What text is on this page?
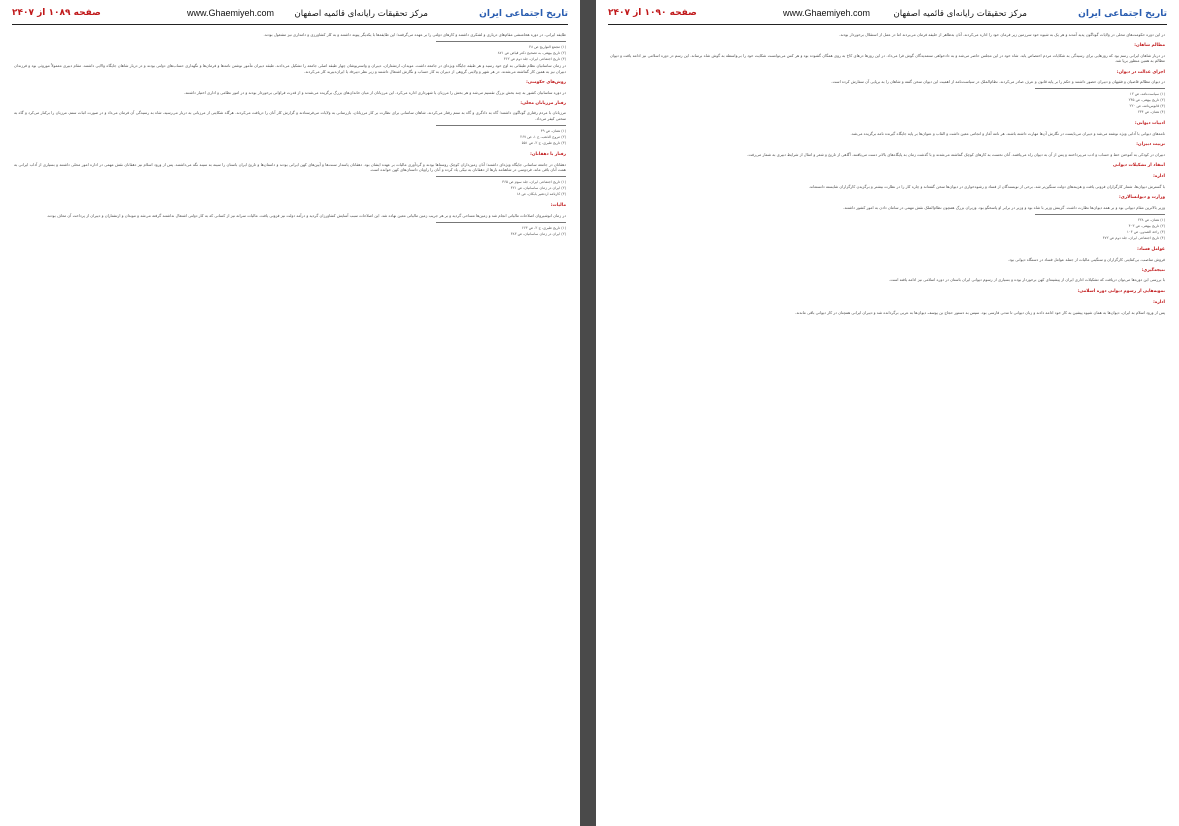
تاریخ اجتماعی ایران
مرکز تحقیقات رایانه‌ای قائمیه اصفهان
www.Ghaemiyeh.com
صفحه ۱۰۸۹ از ۲۴۰۷

طایفه ایرانی، در دوره هخامنشی مقام‌های درباری و لشکری داشتند و کارهای دولتی را بر عهده می‌گرفتند؛ این طایفه‌ها با یکدیگر پیوند داشتند و به کار کشاورزی و دامداری نیز مشغول بودند.

(۱) مجمع التواریخ ص ۴۸

(۲) تاریخ بیهقی، به تصحیح دکتر فیاض ص ۸۷۱

(۳) تاریخ اجتماعی ایران، جلد دوم ص ۳۶۲

در زمان ساسانیان نظام طبقاتی به اوج خود رسید و هر طبقه جایگاه ویژه‌ای در جامعه داشت. موبدان، ارتشتاران، دبیران و واستریوشان چهار طبقه اصلی جامعه را تشکیل می‌دادند. طبقه دبیران مأمور نوشتن نامه‌ها و فرمان‌ها و نگهداری حساب‌های دولتی بودند و در دربار شاهان جایگاه والایی داشتند. مقام دبیری معمولاً موروثی بود و فرزندان دبیران نیز به همین کار گماشته می‌شدند. در هر شهر و ولایتی گروهی از دبیران به کار حساب و نگارش اشتغال داشتند و زیر نظر دبیرbد یا ایران‌دبیربد کار می‌کردند.

روش‌های حکومتی:

در دوره ساسانیان کشور به چند بخش بزرگ تقسیم می‌شد و هر بخش را مرزبان یا شهرداری اداره می‌کرد. این مرزبانان از میان خاندان‌های بزرگ برگزیده می‌شدند و از قدرت فراوانی برخوردار بودند و در امور نظامی و اداری اختیار داشتند.

رفتار مرزبانان محلی:

مرزبانان با مردم رفتاری گوناگون داشتند؛ گاه به دادگری و گاه به ستم رفتار می‌کردند. شاهان ساسانی برای نظارت بر کار مرزبانان، بازرسانی به ولایات می‌فرستادند و گزارش کار آنان را دریافت می‌کردند. هرگاه شکایتی از مرزبانی به دربار می‌رسید، شاه به رسیدگی آن فرمان می‌داد و در صورت اثبات ستم، مرزبان را برکنار می‌کرد و گاه به سختی کیفر می‌داد.

(۱) همان، ص ۴۹

(۲) مروج الذهب، ج ۱، ص ۲۶۷

(۳) تاریخ طبری، ج ۲، ص ۵۵۱

رفتار با دهقانان:

دهقانان در جامعه ساسانی جایگاه ویژه‌ای داشتند؛ آنان زمین‌داران کوچک روستاها بودند و گردآوری مالیات بر عهده ایشان بود. دهقانان پاسدار سنت‌ها و آیین‌های کهن ایرانی بودند و داستان‌ها و تاریخ ایران باستان را سینه به سینه نگه می‌داشتند. پس از ورود اسلام نیز دهقانان نقش مهمی در اداره امور محلی داشتند و بسیاری از آداب ایرانی به همت آنان باقی ماند. فردوسی در شاهنامه بارها از دهقانان به نیکی یاد کرده و آنان را راویان داستان‌های کهن خوانده است.

(۱) تاریخ اجتماعی ایران، جلد سوم ص ۳۶۵

(۲) ایران در زمان ساسانیان، ص ۴۲۱

(۳) کارنامه اردشیر بابکان، ص ۱۸

مالیات:

در زمان انوشیروان اصلاحات مالیاتی انجام شد و زمین‌ها مساحی گردید و بر هر جریب زمین مالیاتی معین نهاده شد. این اصلاحات سبب آسایش کشاورزان گردید و درآمد دولت نیز فزونی یافت. مالیات سرانه نیز از کسانی که به کار دولتی اشتغال نداشتند گرفته می‌شد و موبدان و ارتشتاران و دبیران از پرداخت آن معاف بودند.

(۱) تاریخ طبری، ج ۲، ص ۶۶۳

(۲) ایران در زمان ساسانیان، ص ۳۸۳

تاریخ اجتماعی ایران
مرکز تحقیقات رایانه‌ای قائمیه اصفهان
www.Ghaemiyeh.com
صفحه ۱۰۹۰ از ۲۴۰۷

در این دوره حکومت‌های محلی در ولایات گوناگون پدید آمدند و هر یک به شیوه خود سرزمین زیر فرمان خود را اداره می‌کردند. آنان به‌ظاهر از خلیفه فرمان می‌بردند اما در عمل از استقلال برخوردار بودند.

مظالم شاهان:

در دربار شاهان ایرانی رسم بود که روزهایی برای رسیدگی به شکایات مردم اختصاص یابد. شاه خود در این مجلس حاضر می‌شد و به دادخواهی ستمدیدگان گوش فرا می‌داد. در این روزها درهای کاخ به روی همگان گشوده بود و هر کس می‌توانست شکایت خود را بی‌واسطه به گوش شاه برساند. این رسم در دوره اسلامی نیز ادامه یافت و دیوان مظالم به همین منظور برپا شد.

اجرای عدالت در دیوان:

در دیوان مظالم قاضیان و فقیهان و دبیران حضور داشتند و حکم را بر پایه قانون و عرف صادر می‌کردند. نظام‌الملک در سیاست‌نامه از اهمیت این دیوان سخن گفته و شاهان را به برپایی آن سفارش کرده است.

(۱) سیاست‌نامه، ص ۱۲

(۲) تاریخ بیهقی، ص ۲۴۵

(۳) قابوس‌نامه، ص ۲۲۰

(۴) همان، ص ۲۳۴

ادبیات دیوانی:

نامه‌های دیوانی با آدابی ویژه نوشته می‌شد و دبیران می‌بایست در نگارش آن‌ها مهارت داشته باشند. هر نامه آغاز و انجامی معین داشت و القاب و عنوان‌ها بر پایه جایگاه گیرنده نامه برگزیده می‌شد.

تربیت دبیران:

دبیران در کودکی به آموختن خط و حساب و ادب می‌پرداختند و پس از آن به دیوان راه می‌یافتند. آنان نخست به کارهای کوچک گماشته می‌شدند و با گذشت زمان به پایگاه‌های بالاتر دست می‌یافتند. آگاهی از تاریخ و شعر و امثال از شرایط دبیری به شمار می‌رفت.

انتقاد از تشکیلات دیوانی

اداره:

با گسترش دیوان‌ها، شمار کارگزاران فزونی یافت و هزینه‌های دولت سنگین‌تر شد. برخی از نویسندگان از فساد و رشوه‌خواری در دیوان‌ها سخن گفته‌اند و چاره کار را در نظارت بیشتر و برگزیدن کارگزاران شایسته دانسته‌اند.

وزارت و دیوانسالاری:

وزیر بالاترین مقام دیوانی بود و بر همه دیوان‌ها نظارت داشت. گزینش وزیر با شاه بود و وزیر در برابر او پاسخگو بود. وزیران بزرگ همچون نظام‌الملک نقش مهمی در سامان دادن به امور کشور داشتند.

(۱) همان، ص ۲۲۸

(۲) تاریخ بیهقی، ص ۴۰۳

(۳) راحة الصدور، ص ۱۰۴

(۴) تاریخ اجتماعی ایران، جلد دوم ص ۴۷۲

عوامل فساد:

فروش مناصب، بی‌کفایتی کارگزاران و سنگینی مالیات از جمله عوامل فساد در دستگاه دیوانی بود.

نتیجه‌گیری:

با بررسی این دوره‌ها می‌توان دریافت که تشکیلات اداری ایران از پیشینه‌ای کهن برخوردار بوده و بسیاری از رسوم دیوانی ایران باستان در دوره اسلامی نیز ادامه یافته است.

نمونه‌هایی از رسوم دیوانی دوره اسلامی:

اداره:

پس از ورود اسلام به ایران، دیوان‌ها به همان شیوه پیشین به کار خود ادامه دادند و زبان دیوانی تا مدتی فارسی بود. سپس به دستور حجاج بن یوسف دیوان‌ها به عربی برگردانده شد و دبیران ایرانی همچنان در کار دیوانی باقی ماندند.
